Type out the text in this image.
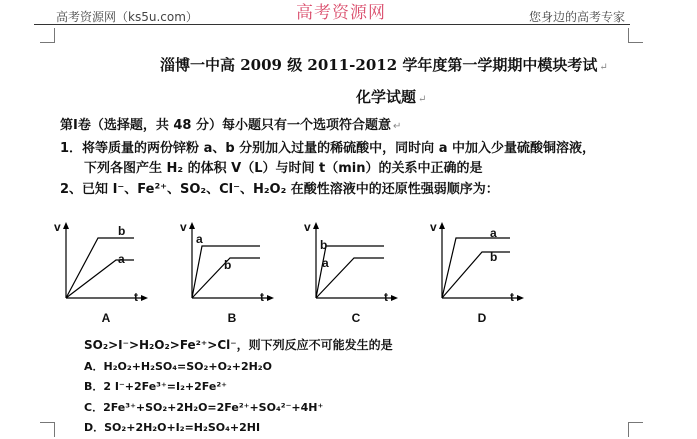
高考资源网（ks5u.com）	高考资源网	您身边的高考专家
淄博一中高 2009 级 2011-2012 学年度第一学期期中模块考试 ↵
化学试题 ↵
第Ⅰ卷（选择题，共 48 分）每小题只有一个选项符合题意 ↵
1．将等质量的两份锌粉 a、b 分别加入过量的稀硫酸中，同时向 a 中加入少量硫酸铜溶液，
下列各图产生 H₂ 的体积 V（L）与时间 t（min）的关系中正确的是
2、已知 I⁻、Fe²⁺、SO₂、Cl⁻、H₂O₂ 在酸性溶液中的还原性强弱顺序为：
v
t
b
a
A
v
t
a
b
B
v
t
b
a
C
v
t
a
b
D
SO₂>I⁻>H₂O₂>Fe²⁺>Cl⁻，则下列反应不可能发生的是
A．H₂O₂+H₂SO₄=SO₂+O₂+2H₂O
B．2 I⁻+2Fe³⁺=I₂+2Fe²⁺
C．2Fe³⁺+SO₂+2H₂O=2Fe²⁺+SO₄²⁻+4H⁺
D．SO₂+2H₂O+I₂=H₂SO₄+2HI
